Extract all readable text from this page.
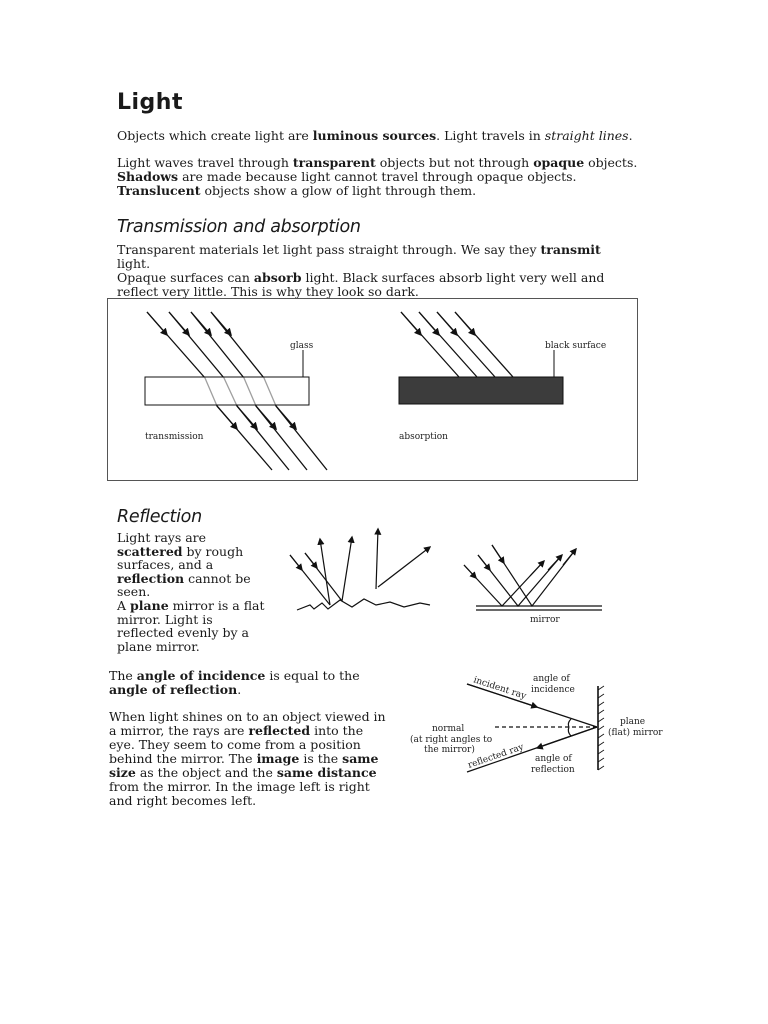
Light
Objects which create light are luminous sources. Light travels in straight lines.
Light waves travel through transparent objects but not through opaque objects.
Shadows are made because light cannot travel through opaque objects. Translucent objects show a glow of light through them.
Transmission and absorption
Transparent materials let light pass straight through. We say they transmit light.
Opaque surfaces can absorb light. Black surfaces absorb light very well and reflect very little. This is why they look so dark.
glass
transmission
black surface
absorption
Reflection
Light rays are scattered by rough surfaces, and a reflection cannot be seen.
A plane mirror is a flat mirror. Light is reflected evenly by a plane mirror.
mirror
The angle of incidence is equal to the
angle of reflection.
When light shines on to an object viewed in a mirror, the rays are reflected into the eye. They seem to come from a position behind the mirror. The image is the same size as the object and the same distance from the mirror. In the image left is right and right becomes left.
incident ray
reflected ray
angle of
incidence
angle of
reflection
normal
(at right angles to
the mirror)
plane
(flat) mirror
